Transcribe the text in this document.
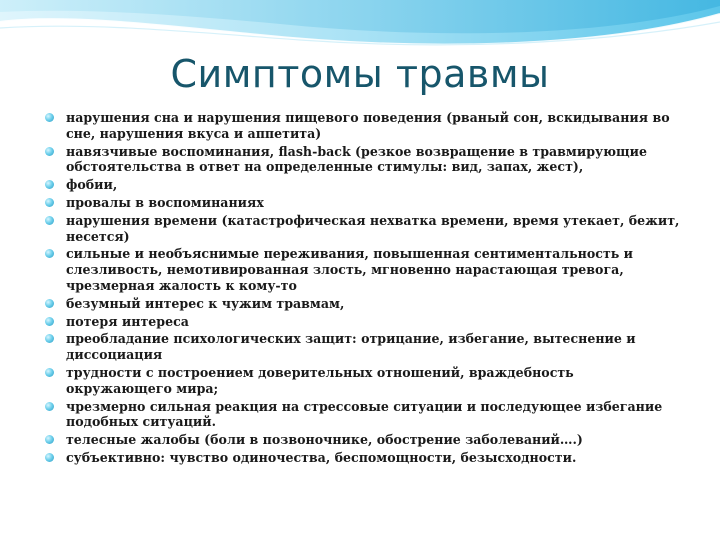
Симптомы травмы
нарушения сна и нарушения пищевого поведения (рваный сон, вскидывания во сне, нарушения вкуса и аппетита)
навязчивые воспоминания, flash-back (резкое возвращение в травмирующие обстоятельства в ответ на определенные стимулы: вид, запах, жест),
фобии,
провалы в воспоминаниях
нарушения времени (катастрофическая нехватка времени, время утекает, бежит, несется)
сильные и необъяснимые переживания, повышенная сентиментальность и слезливость, немотивированная злость, мгновенно нарастающая тревога, чрезмерная жалость к кому-то
безумный интерес к чужим травмам,
потеря интереса
преобладание психологических защит: отрицание, избегание, вытеснение и диссоциация
трудности с построением доверительных отношений, враждебность окружающего мира;
чрезмерно сильная реакция на стрессовые ситуации и последующее избегание подобных ситуаций.
телесные жалобы (боли в позвоночнике, обострение заболеваний….)
субъективно: чувство одиночества, беспомощности, безысходности.
